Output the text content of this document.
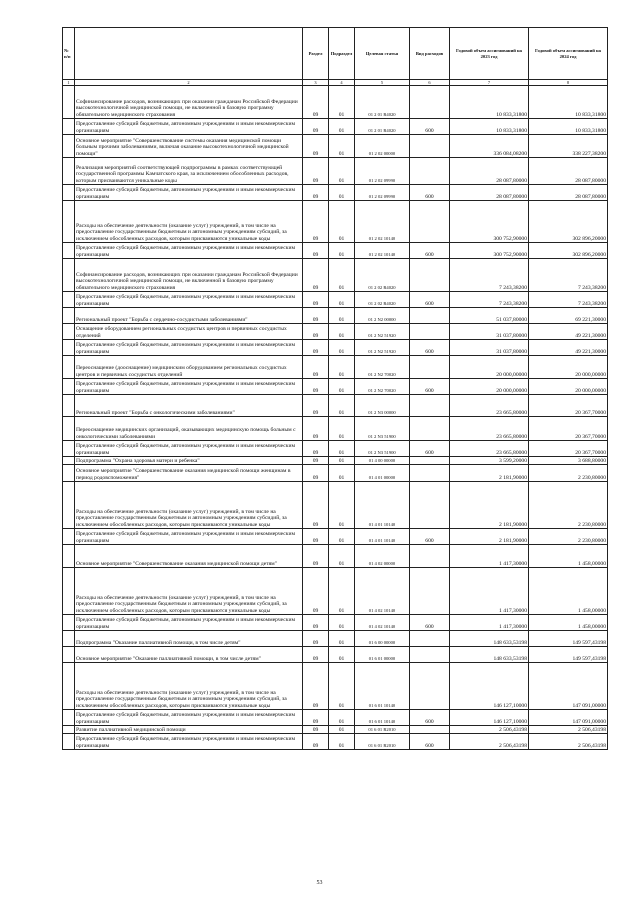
№ п/п		Раздел	Подраздел	Целевая статья	Вид расходов	Годовой объем ассигнований на 2023 год	Годовой объем ассигнований на 2024 год
1	2	3	4	5	6	7	8
	Софинансирование расходов, возникающих при оказании гражданам Российской Федерации высокотехнологичной медицинской помощи, не включенной в базовую программу обязательного медицинского страхования	09	01	01 2 01 R4020		10 833,31800	10 833,31800
	Предоставление субсидий бюджетным, автономным учреждениям и иным некоммерческим организациям	09	01	01 2 01 R4020	600	10 833,31800	10 833,31800
	Основное мероприятие "Совершенствование системы оказания медицинской помощи больным прочими заболеваниями, включая оказание высокотехнологичной медицинской помощи"	09	01	01 2 02 00000		336 084,08200	338 227,38200
	Реализация мероприятий соответствующей подпрограммы в рамках соответствующей государственной программы Камчатского края, за исключением обособленных расходов, которым присваиваются уникальные коды	09	01	01 2 02 09990		28 087,80000	28 087,80000
	Предоставление субсидий бюджетным, автономным учреждениям и иным некоммерческим организациям	09	01	01 2 02 09990	600	28 087,80000	28 087,80000
	Расходы на обеспечение деятельности (оказание услуг) учреждений, в том числе на предоставление государственным бюджетным и автономным учреждениям субсидий, за исключением обособленных расходов, которым присваиваются уникальные коды	09	01	01 2 02 10140		300 752,90000	302 896,20000
	Предоставление субсидий бюджетным, автономным учреждениям и иным некоммерческим организациям	09	01	01 2 02 10140	600	300 752,90000	302 896,20000
	Софинансирование расходов, возникающих при оказании гражданам Российской Федерации высокотехнологичной медицинской помощи, не включенной в базовую программу обязательного медицинского страхования	09	01	01 2 02 R4020		7 243,38200	7 243,38200
	Предоставление субсидий бюджетным, автономным учреждениям и иным некоммерческим организациям	09	01	01 2 02 R4020	600	7 243,38200	7 243,38200
	Региональный проект "Борьба с сердечно-сосудистыми заболеваниями"	09	01	01 2 N2 00000		51 037,80000	69 221,30000
	Оснащение оборудованием региональных сосудистых центров и первичных сосудистых отделений	09	01	01 2 N2 51920		31 037,80000	49 221,30000
	Предоставление субсидий бюджетным, автономным учреждениям и иным некоммерческим организациям	09	01	01 2 N2 51920	600	31 037,80000	49 221,30000
	Переоснащение (дооснащение) медицинским оборудованием региональных сосудистых центров и первичных сосудистых отделений	09	01	01 2 N2 70020		20 000,00000	20 000,00000
	Предоставление субсидий бюджетным, автономным учреждениям и иным некоммерческим организациям	09	01	01 2 N2 70020	600	20 000,00000	20 000,00000
	Региональный проект "Борьба с онкологическими заболеваниями"	09	01	01 2 N3 00000		23 665,80000	20 367,70000
	Переоснащение медицинских организаций, оказывающих медицинскую помощь больным с онкологическими заболеваниями	09	01	01 2 N3 51900		23 665,80000	20 367,70000
	Предоставление субсидий бюджетным, автономным учреждениям и иным некоммерческим организациям	09	01	01 2 N3 51900	600	23 665,80000	20 367,70000
	Подпрограмма "Охрана здоровья матери и ребенка"	09	01	01 4 00 00000		3 599,20000	3 688,80000
	Основное мероприятие "Совершенствование оказания медицинской помощи женщинам в период родовспоможения"	09	01	01 4 01 00000		2 181,90000	2 230,80000
	Расходы на обеспечение деятельности (оказание услуг) учреждений, в том числе на предоставление государственным бюджетным и автономным учреждениям субсидий, за исключением обособленных расходов, которым присваиваются уникальные коды	09	01	01 4 01 10140		2 181,90000	2 230,80000
	Предоставление субсидий бюджетным, автономным учреждениям и иным некоммерческим организациям	09	01	01 4 01 10140	600	2 181,90000	2 230,80000
	Основное мероприятие "Совершенствование оказания медицинской помощи детям"	09	01	01 4 02 00000		1 417,30000	1 458,00000
	Расходы на обеспечение деятельности (оказание услуг) учреждений, в том числе на предоставление государственным бюджетным и автономным учреждениям субсидий, за исключением обособленных расходов, которым присваиваются уникальные коды	09	01	01 4 02 10140		1 417,30000	1 458,00000
	Предоставление субсидий бюджетным, автономным учреждениям и иным некоммерческим организациям	09	01	01 4 02 10140	600	1 417,30000	1 458,00000
	Подпрограмма "Оказание паллиативной помощи, в том числе детям"	09	01	01 6 00 00000		148 633,53198	149 597,43198
	Основное мероприятие "Оказание паллиативной помощи, в том числе детям"	09	01	01 6 01 00000		148 633,53198	149 597,43198
	Расходы на обеспечение деятельности (оказание услуг) учреждений, в том числе на предоставление государственным бюджетным и автономным учреждениям субсидий, за исключением обособленных расходов, которым присваиваются уникальные коды	09	01	01 6 01 10140		146 127,10000	147 091,00000
	Предоставление субсидий бюджетным, автономным учреждениям и иным некоммерческим организациям	09	01	01 6 01 10140	600	146 127,10000	147 091,00000
	Развитие паллиативной медицинской помощи	09	01	01 6 01 R2010		2 506,43198	2 506,43198
	Предоставление субсидий бюджетным, автономным учреждениям и иным некоммерческим организациям	09	01	01 6 01 R2010	600	2 506,43198	2 506,43198
53
